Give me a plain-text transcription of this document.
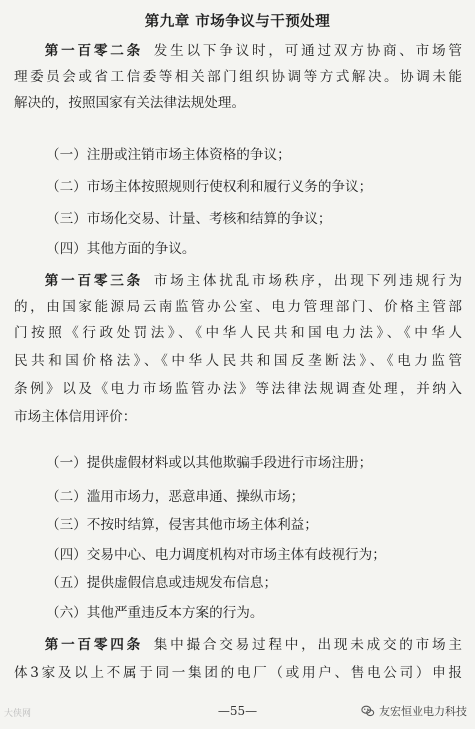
第九章 市场争议与干预处理
第一百零二条 发生以下争议时，可通过双方协商、市场管
理委员会或省工信委等相关部门组织协调等方式解决。协调未能
解决的，按照国家有关法律法规处理。
（一）注册或注销市场主体资格的争议；
（二）市场主体按照规则行使权利和履行义务的争议；
（三）市场化交易、计量、考核和结算的争议；
（四）其他方面的争议。
第一百零三条 市场主体扰乱市场秩序，出现下列违规行为
的，由国家能源局云南监管办公室、电力管理部门、价格主管部
门按照《行政处罚法》、《中华人民共和国电力法》、《中华人
民共和国价格法》、《中华人民共和国反垄断法》、《电力监管
条例》以及《电力市场监管办法》等法律法规调查处理，并纳入
市场主体信用评价：
（一）提供虚假材料或以其他欺骗手段进行市场注册；
（二）滥用市场力，恶意串通、操纵市场；
（三）不按时结算，侵害其他市场主体利益；
（四）交易中心、电力调度机构对市场主体有歧视行为；
（五）提供虚假信息或违规发布信息；
（六）其他严重违反本方案的行为。
第一百零四条 集中撮合交易过程中，出现未成交的市场主
体3家及以上不属于同一集团的电厂（或用户、售电公司）申报
—55—
大侠网	友宏恒业电力科技
